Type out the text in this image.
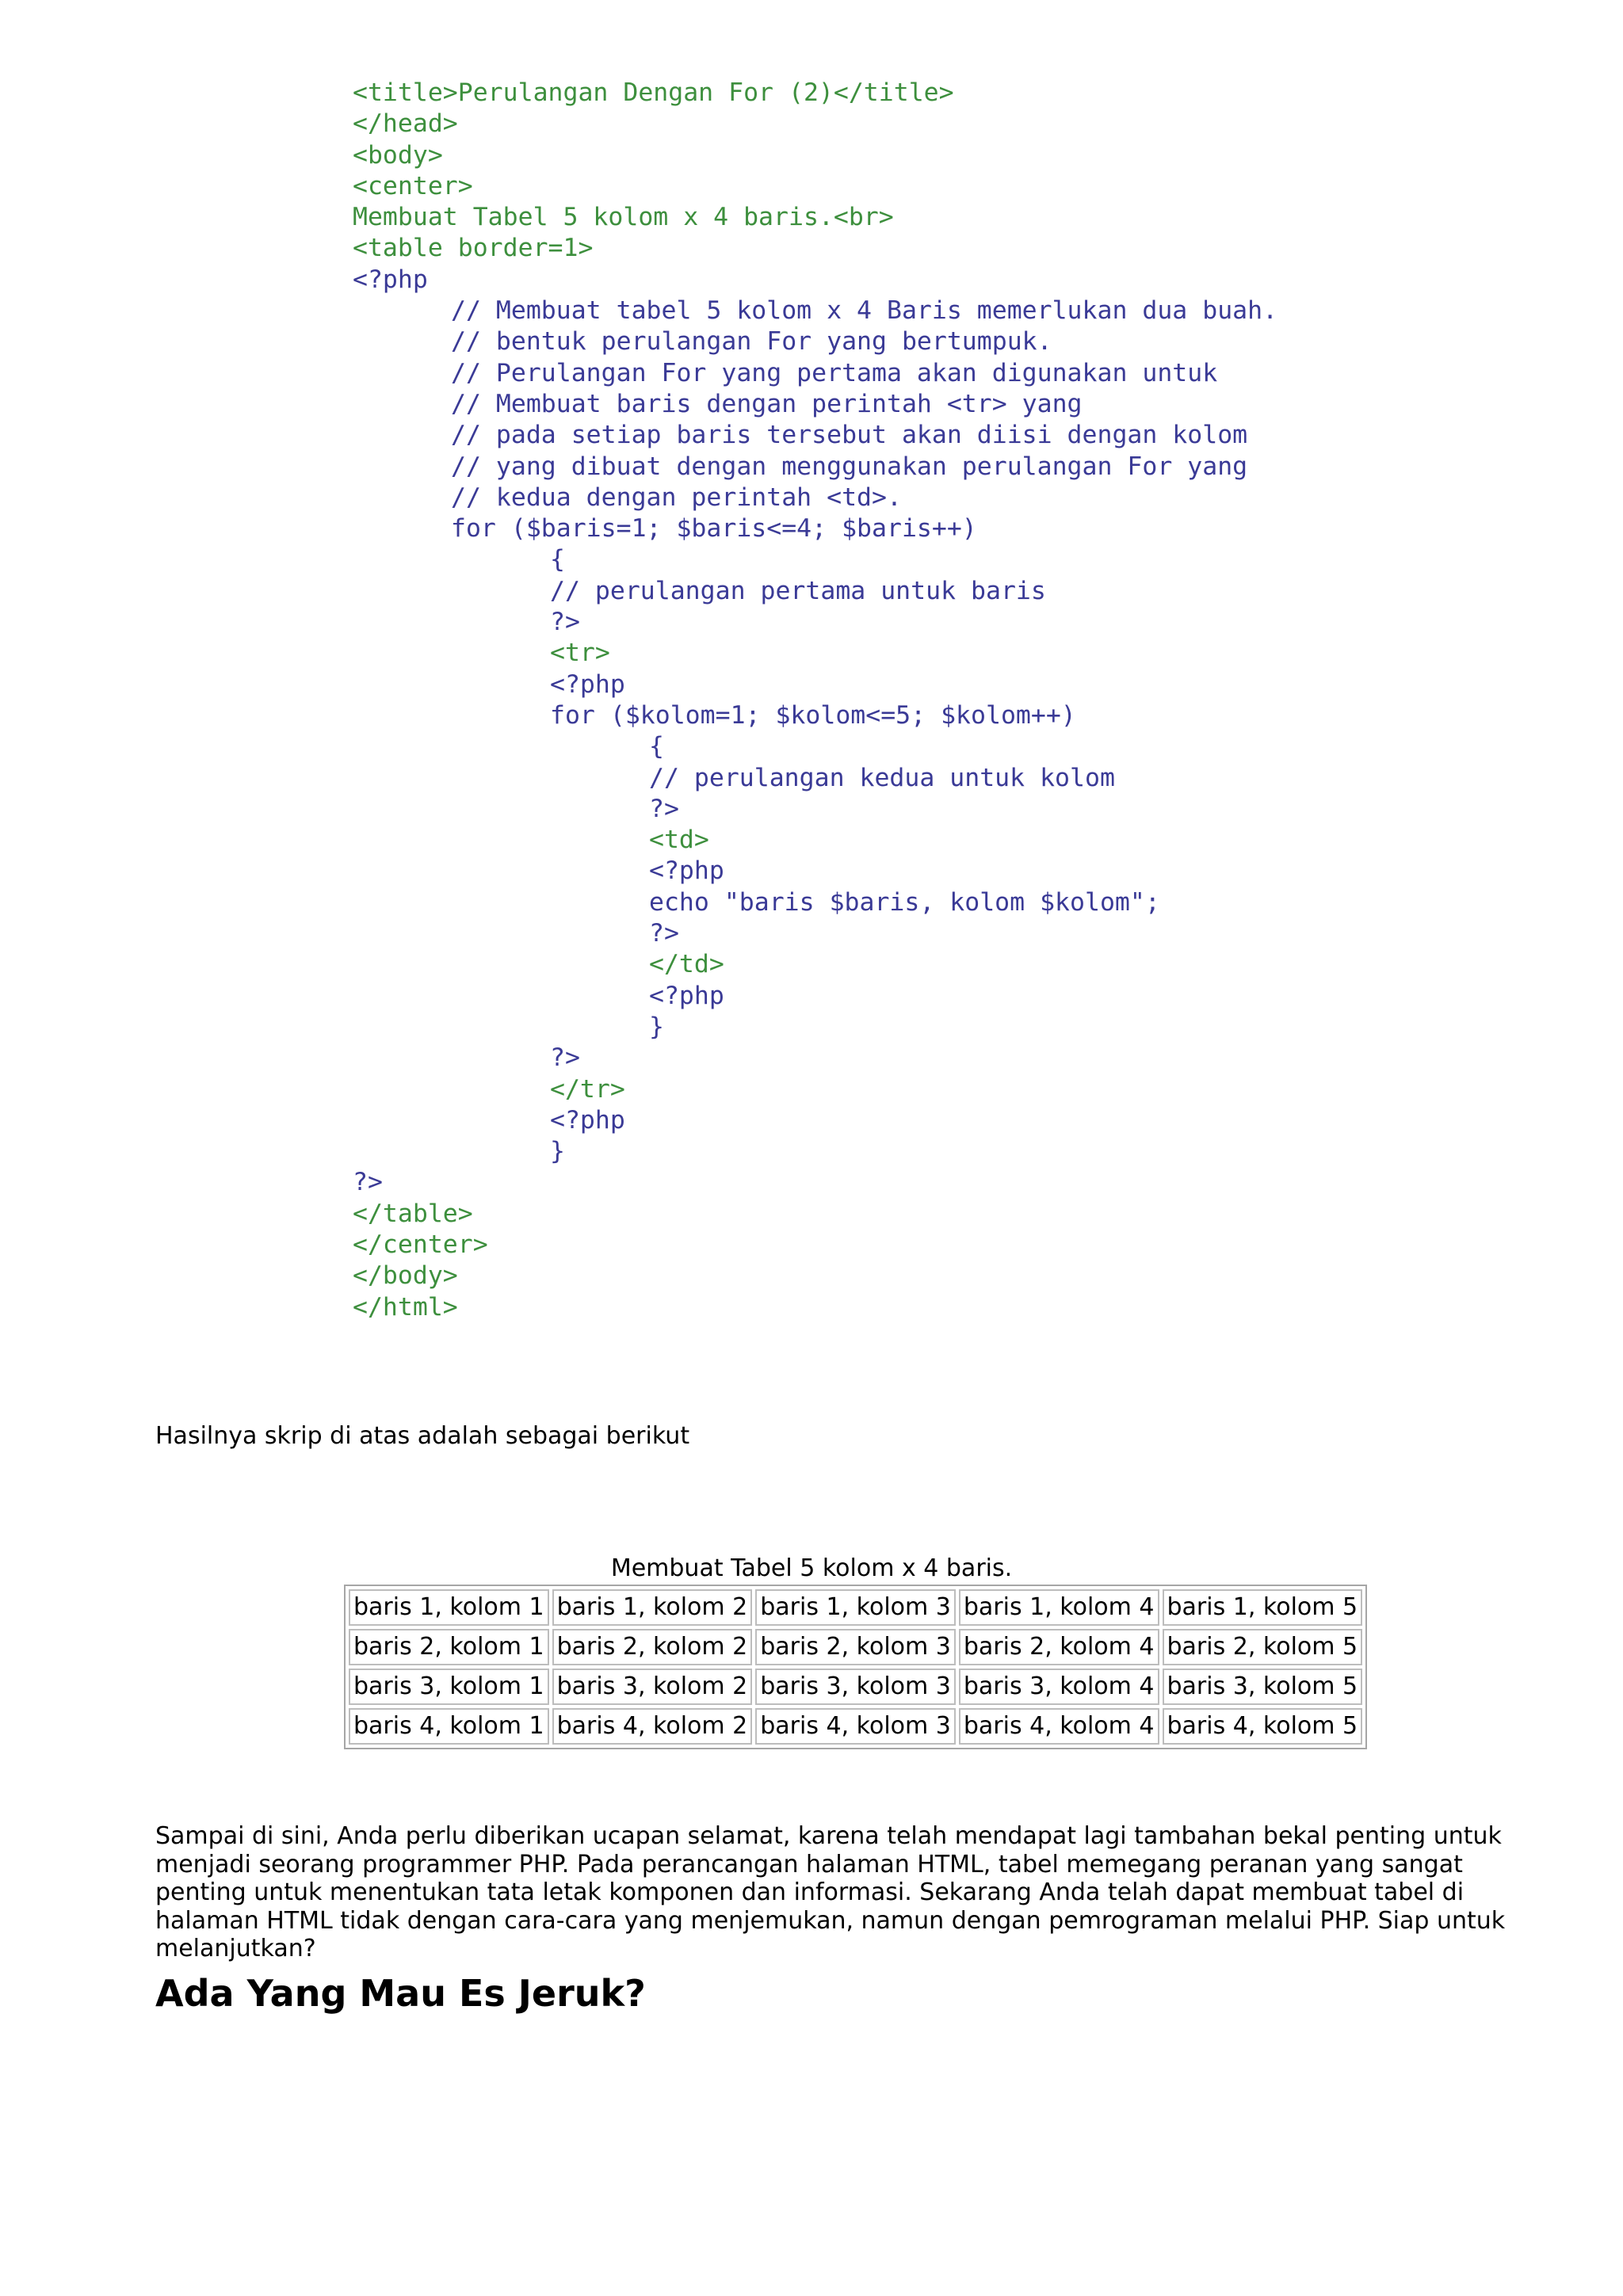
<title>Perulangan Dengan For (2)</title>
</head>
<body>
<center>
Membuat Tabel 5 kolom x 4 baris.<br>
<table border=1>
<?php
// Membuat tabel 5 kolom x 4 Baris memerlukan dua buah.
// bentuk perulangan For yang bertumpuk.
// Perulangan For yang pertama akan digunakan untuk
// Membuat baris dengan perintah <tr> yang
// pada setiap baris tersebut akan diisi dengan kolom
// yang dibuat dengan menggunakan perulangan For yang
// kedua dengan perintah <td>.
for ($baris=1; $baris<=4; $baris++)
{
// perulangan pertama untuk baris
?>
<tr>
<?php
for ($kolom=1; $kolom<=5; $kolom++)
{
// perulangan kedua untuk kolom
?>
<td>
<?php
echo "baris $baris, kolom $kolom";
?>
</td>
<?php
}
?>
</tr>
<?php
}
?>
</table>
</center>
</body>
</html>
Hasilnya skrip di atas adalah sebagai berikut
Membuat Tabel 5 kolom x 4 baris.
baris 1, kolom 1	baris 1, kolom 2	baris 1, kolom 3	baris 1, kolom 4	baris 1, kolom 5
baris 2, kolom 1	baris 2, kolom 2	baris 2, kolom 3	baris 2, kolom 4	baris 2, kolom 5
baris 3, kolom 1	baris 3, kolom 2	baris 3, kolom 3	baris 3, kolom 4	baris 3, kolom 5
baris 4, kolom 1	baris 4, kolom 2	baris 4, kolom 3	baris 4, kolom 4	baris 4, kolom 5

Sampai di sini, Anda perlu diberikan ucapan selamat, karena telah mendapat lagi tambahan bekal penting untuk menjadi seorang programmer PHP. Pada perancangan halaman HTML, tabel memegang peranan yang sangat penting untuk menentukan tata letak komponen dan informasi. Sekarang Anda telah dapat membuat tabel di halaman HTML tidak dengan cara-cara yang menjemukan, namun dengan pemrograman melalui PHP. Siap untuk melanjutkan?

Ada Yang Mau Es Jeruk?
